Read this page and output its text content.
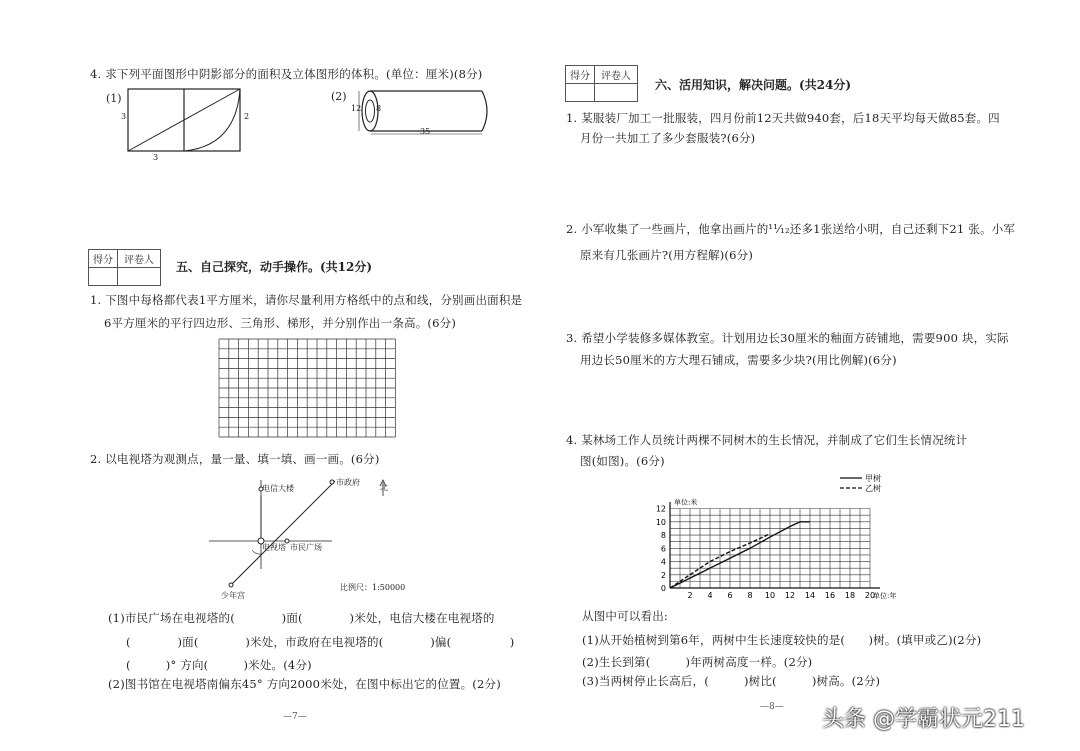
4. 求下列平面图形中阴影部分的面积及立体图形的体积。(单位：厘米)(8分)
(1)
3	2
3
(2)
12 8
35
得分	评卷人	五、自己探究，动手操作。(共12分)
1. 下图中每格都代表1平方厘米，请你尽量利用方格纸中的点和线，分别画出面积是
6平方厘米的平行四边形、三角形、梯形，并分别作出一条高。(6分)
2. 以电视塔为观测点，量一量、填一填、画一画。(6分)
电信大楼
市政府
电视塔 市民广场
少年宫
北
比例尺：1:50000
(1)市民广场在电视塔的(　　　　)面(　　　　)米处，电信大楼在电视塔的
(　　　　)面(　　　　)米处，市政府在电视塔的(　　　　)偏(　　　　　)
(　　　)° 方向(　　　)米处。(4分)
(2)图书馆在电视塔南偏东45° 方向2000米处，在图中标出它的位置。(2分)
—7—
得分	评卷人
六、活用知识，解决问题。(共24分)
1. 某服装厂加工一批服装，四月份前12天共做940套，后18天平均每天做85套。四
月份一共加工了多少套服装?(6分)
2. 小军收集了一些画片，他拿出画片的¹¹⁄₁₂还多1张送给小明，自己还剩下21 张。小军
原来有几张画片?(用方程解)(6分)
3. 希望小学装修多媒体教室。计划用边长30厘米的釉面方砖铺地，需要900 块，实际
用边长50厘米的方大理石铺成，需要多少块?(用比例解)(6分)
4. 某林场工作人员统计两棵不同树木的生长情况，并制成了它们生长情况统计
图(如图)。(6分)
2 4 6 8 10 12 14 16 18 20
2
4
6
8
10
12
0
单位:米
单位:年
甲树
乙树
从图中可以看出:
(1)从开始植树到第6年，两树中生长速度较快的是(　　)树。(填甲或乙)(2分)
(2)生长到第(　　　)年两树高度一样。(2分)
(3)当两树停止长高后，(　　　)树比(　　　)树高。(2分)
—8— 头条 @学霸状元211
